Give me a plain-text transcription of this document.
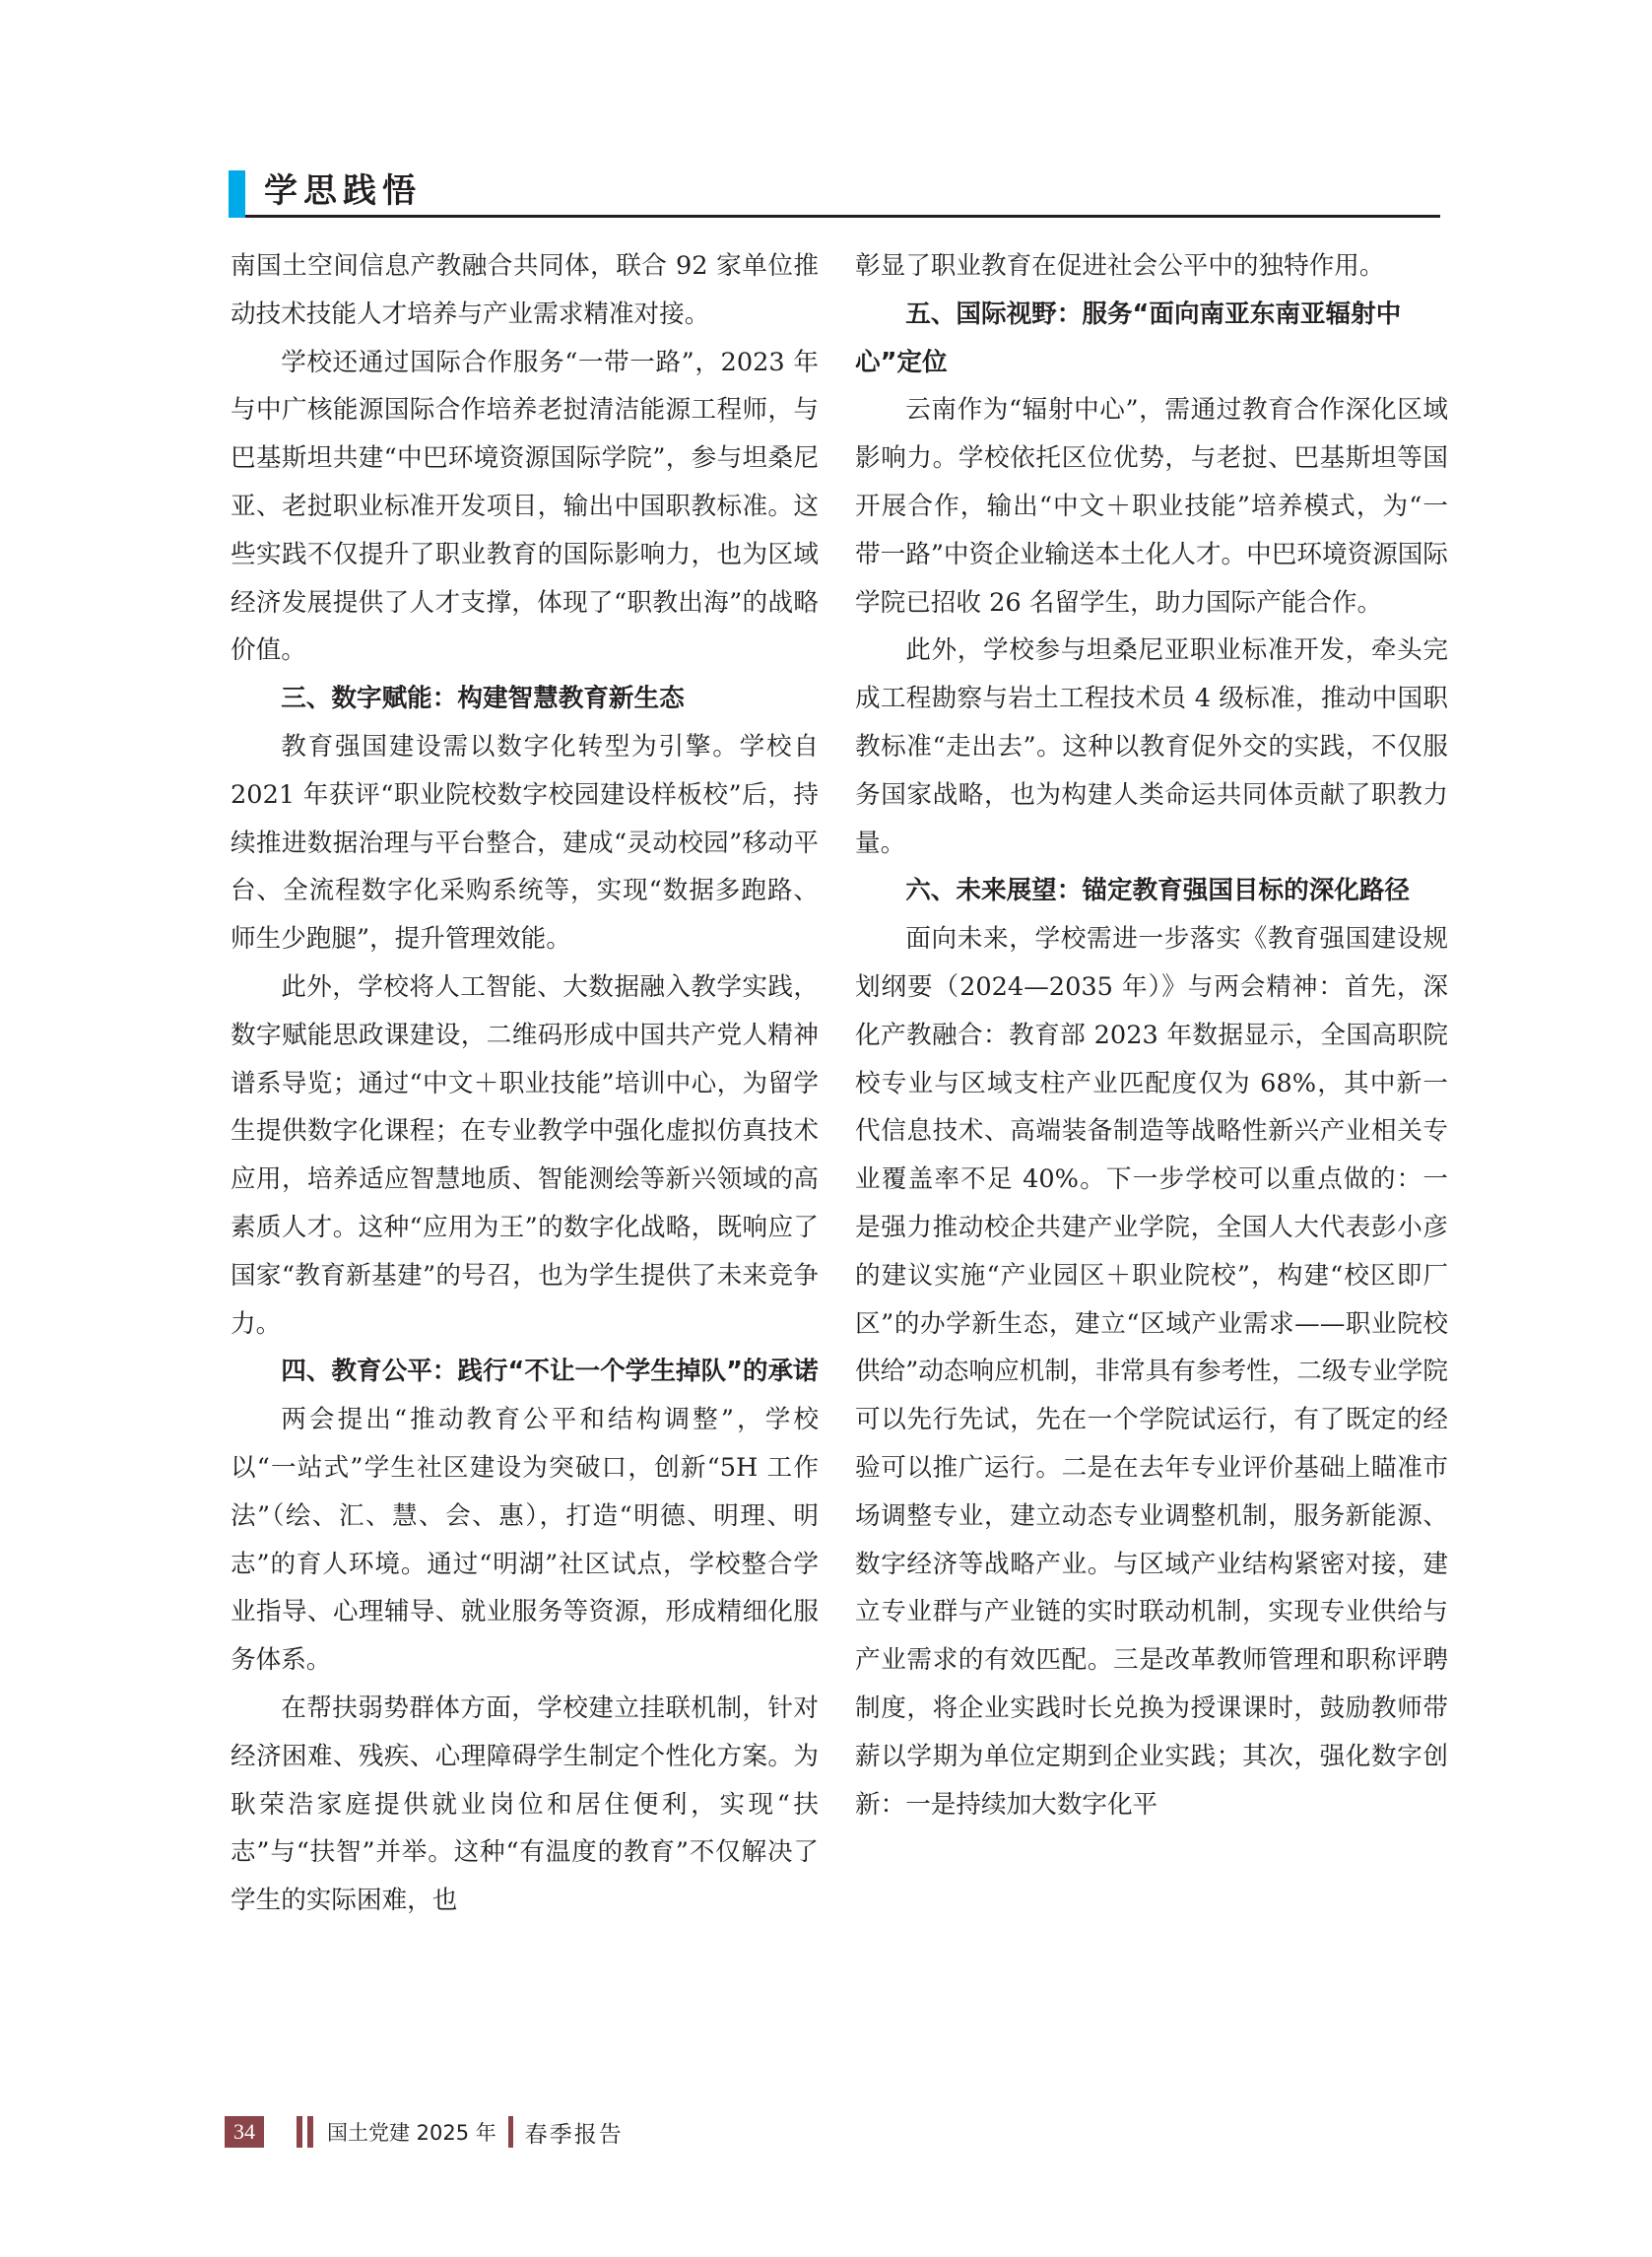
学思践悟

南国土空间信息产教融合共同体，联合 92 家单位推动技术技能人才培养与产业需求精准对接。

学校还通过国际合作服务“一带一路”，2023 年与中广核能源国际合作培养老挝清洁能源工程师，与巴基斯坦共建“中巴环境资源国际学院”，参与坦桑尼亚、老挝职业标准开发项目，输出中国职教标准。这些实践不仅提升了职业教育的国际影响力，也为区域经济发展提供了人才支撑，体现了“职教出海”的战略价值。

三、数字赋能：构建智慧教育新生态

教育强国建设需以数字化转型为引擎。学校自 2021 年获评“职业院校数字校园建设样板校”后，持续推进数据治理与平台整合，建成“灵动校园”移动平台、全流程数字化采购系统等，实现“数据多跑路、师生少跑腿”，提升管理效能。

此外，学校将人工智能、大数据融入教学实践，数字赋能思政课建设，二维码形成中国共产党人精神谱系导览；通过“中文＋职业技能”培训中心，为留学生提供数字化课程；在专业教学中强化虚拟仿真技术应用，培养适应智慧地质、智能测绘等新兴领域的高素质人才。这种“应用为王”的数字化战略，既响应了国家“教育新基建”的号召，也为学生提供了未来竞争力。

四、教育公平：践行“不让一个学生掉队”的承诺

两会提出“推动教育公平和结构调整”，学校以“一站式”学生社区建设为突破口，创新“5H 工作法”（绘、汇、慧、会、惠），打造“明德、明理、明志”的育人环境。通过“明湖”社区试点，学校整合学业指导、心理辅导、就业服务等资源，形成精细化服务体系。

在帮扶弱势群体方面，学校建立挂联机制，针对经济困难、残疾、心理障碍学生制定个性化方案。为耿荣浩家庭提供就业岗位和居住便利，实现“扶志”与“扶智”并举。这种“有温度的教育”不仅解决了学生的实际困难，也

彰显了职业教育在促进社会公平中的独特作用。

五、国际视野：服务“面向南亚东南亚辐射中心”定位

云南作为“辐射中心”，需通过教育合作深化区域影响力。学校依托区位优势，与老挝、巴基斯坦等国开展合作，输出“中文＋职业技能”培养模式，为“一带一路”中资企业输送本土化人才。中巴环境资源国际学院已招收 26 名留学生，助力国际产能合作。

此外，学校参与坦桑尼亚职业标准开发，牵头完成工程勘察与岩土工程技术员 4 级标准，推动中国职教标准“走出去”。这种以教育促外交的实践，不仅服务国家战略，也为构建人类命运共同体贡献了职教力量。

六、未来展望：锚定教育强国目标的深化路径

面向未来，学校需进一步落实《教育强国建设规划纲要（2024—2035 年）》与两会精神：首先，深化产教融合：教育部 2023 年数据显示，全国高职院校专业与区域支柱产业匹配度仅为 68%，其中新一代信息技术、高端装备制造等战略性新兴产业相关专业覆盖率不足 40%。下一步学校可以重点做的：一是强力推动校企共建产业学院，全国人大代表彭小彦的建议实施“产业园区＋职业院校”，构建“校区即厂区”的办学新生态，建立“区域产业需求——职业院校供给”动态响应机制，非常具有参考性，二级专业学院可以先行先试，先在一个学院试运行，有了既定的经验可以推广运行。二是在去年专业评价基础上瞄准市场调整专业，建立动态专业调整机制，服务新能源、数字经济等战略产业。与区域产业结构紧密对接，建立专业群与产业链的实时联动机制，实现专业供给与产业需求的有效匹配。三是改革教师管理和职称评聘制度，将企业实践时长兑换为授课课时，鼓励教师带薪以学期为单位定期到企业实践；其次，强化数字创新：一是持续加大数字化平

34	国土党建 2025 年 春季报告
